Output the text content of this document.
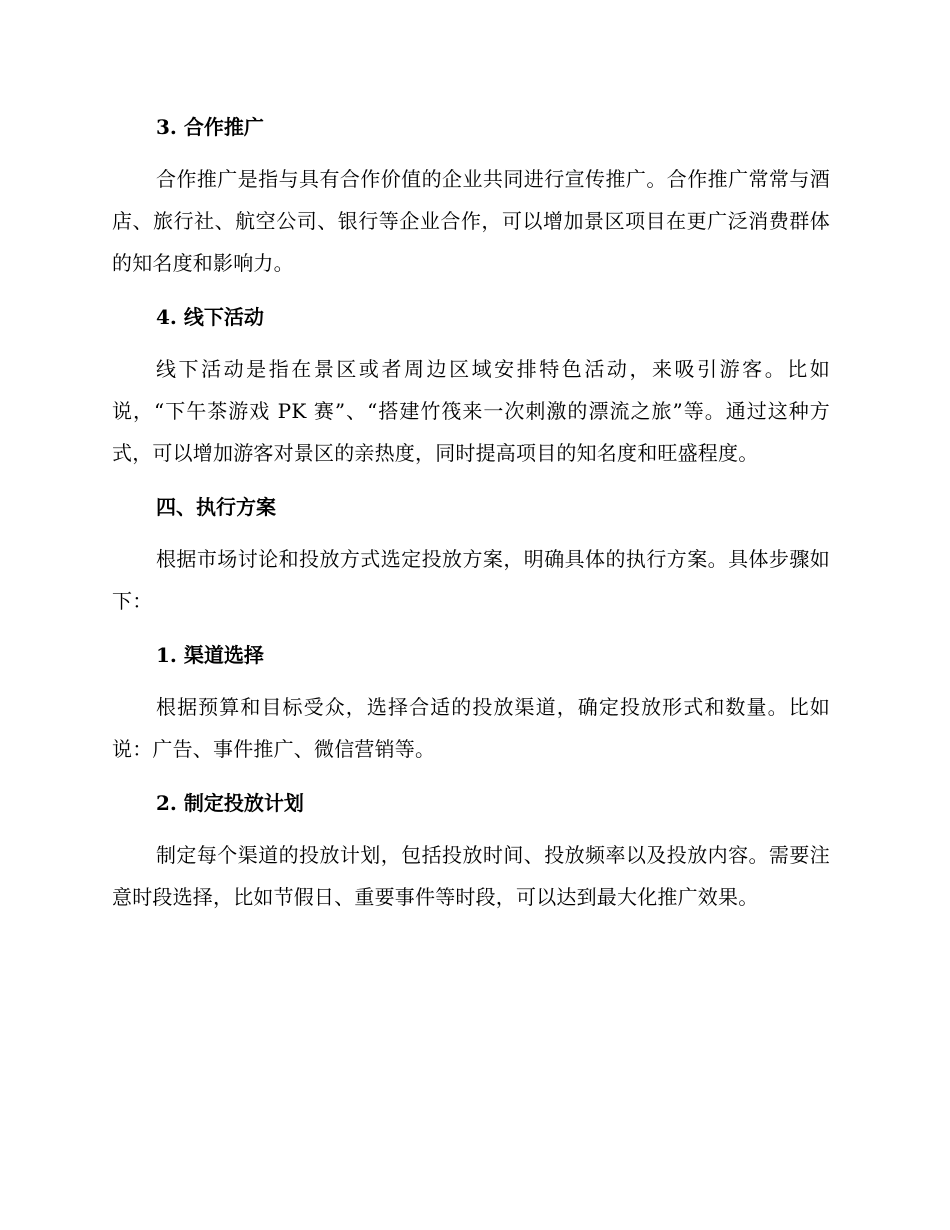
3. 合作推广

合作推广是指与具有合作价值的企业共同进行宣传推广。合作推广常常与酒店、旅行社、航空公司、银行等企业合作，可以增加景区项目在更广泛消费群体的知名度和影响力。

4. 线下活动

线下活动是指在景区或者周边区域安排特色活动，来吸引游客。比如说，“下午茶游戏 PK 赛”、“搭建竹筏来一次刺激的漂流之旅”等。通过这种方式，可以增加游客对景区的亲热度，同时提高项目的知名度和旺盛程度。

四、执行方案

根据市场讨论和投放方式选定投放方案，明确具体的执行方案。具体步骤如下：

1. 渠道选择

根据预算和目标受众，选择合适的投放渠道，确定投放形式和数量。比如说：广告、事件推广、微信营销等。

2. 制定投放计划

制定每个渠道的投放计划，包括投放时间、投放频率以及投放内容。需要注意时段选择，比如节假日、重要事件等时段，可以达到最大化推广效果。
